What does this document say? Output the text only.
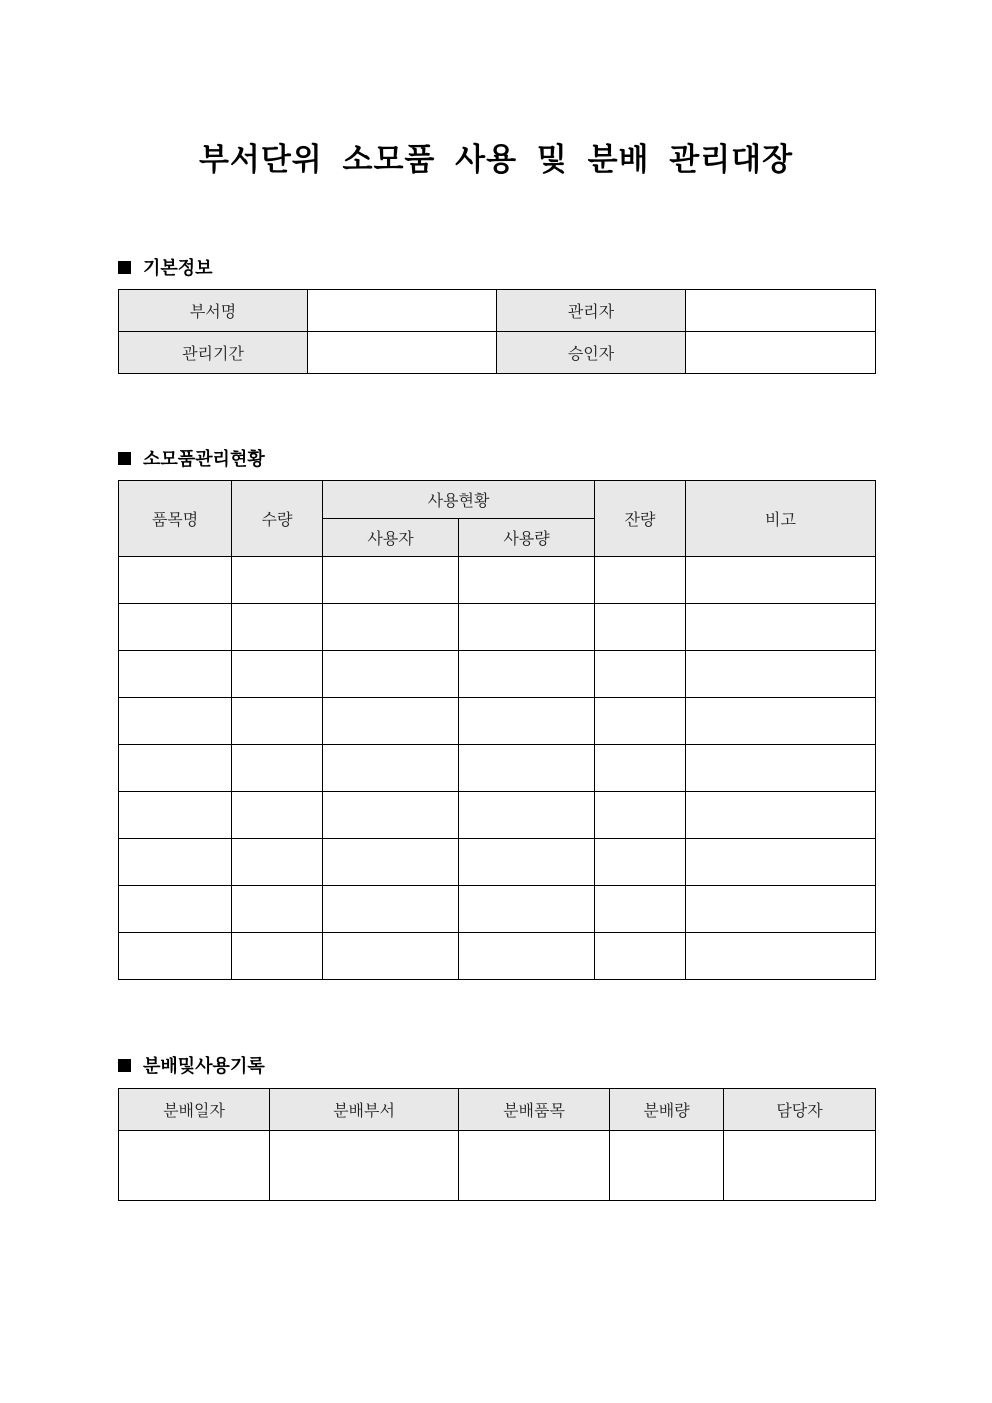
부서단위 소모품 사용 및 분배 관리대장
기본정보
부서명		관리자	
관리기간		승인자	
소모품관리현황
품목명	수량	사용현황		잔량	비고
		사용자	사용량		

분배및사용기록
분배일자	분배부서	분배품목	분배량	담당자
